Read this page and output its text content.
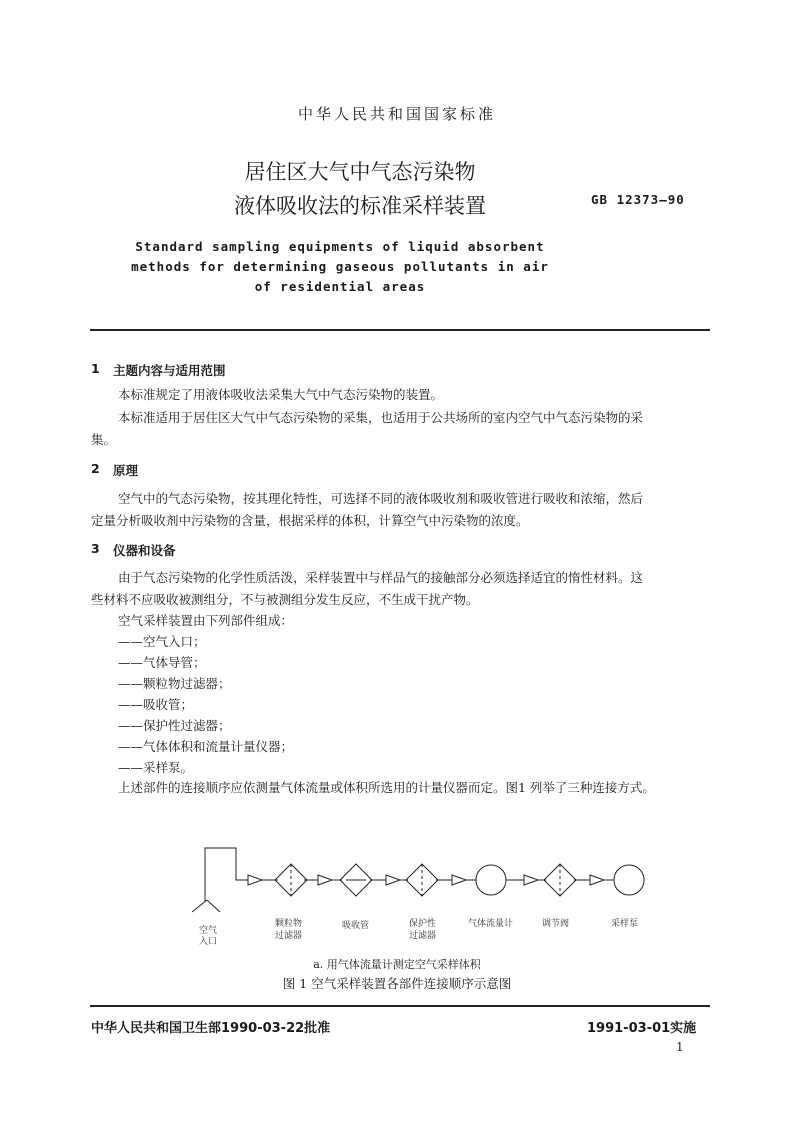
中华人民共和国国家标准
居住区大气中气态污染物
液体吸收法的标准采样装置	GB 12373—90
Standard sampling equipments of liquid absorbent
methods for determining gaseous pollutants in air
of residential areas
1 主题内容与适用范围
本标准规定了用液体吸收法采集大气中气态污染物的装置。
本标准适用于居住区大气中气态污染物的采集，也适用于公共场所的室内空气中气态污染物的采
集。
2 原理
空气中的气态污染物，按其理化特性，可选择不同的液体吸收剂和吸收管进行吸收和浓缩，然后
定量分析吸收剂中污染物的含量，根据采样的体积，计算空气中污染物的浓度。
3 仪器和设备
由于气态污染物的化学性质活泼，采样装置中与样品气的接触部分必须选择适宜的惰性材料。这
些材料不应吸收被测组分，不与被测组分发生反应，不生成干扰产物。
空气采样装置由下列部件组成：
——空气入口；
——气体导管；
——颗粒物过滤器；
——吸收管；
——保护性过滤器；
——气体体积和流量计量仪器；
——采样泵。
上述部件的连接顺序应依测量气体流量或体积所选用的计量仪器而定。图1 列举了三种连接方式。
空气
入口
颗粒物
过滤器
吸收管	保护性
过滤器
气体流量计	调节阀	采样泵
a. 用气体流量计测定空气采样体积
图 1 空气采样装置各部件连接顺序示意图
中华人民共和国卫生部1990-03-22批准	1991-03-01实施
1
